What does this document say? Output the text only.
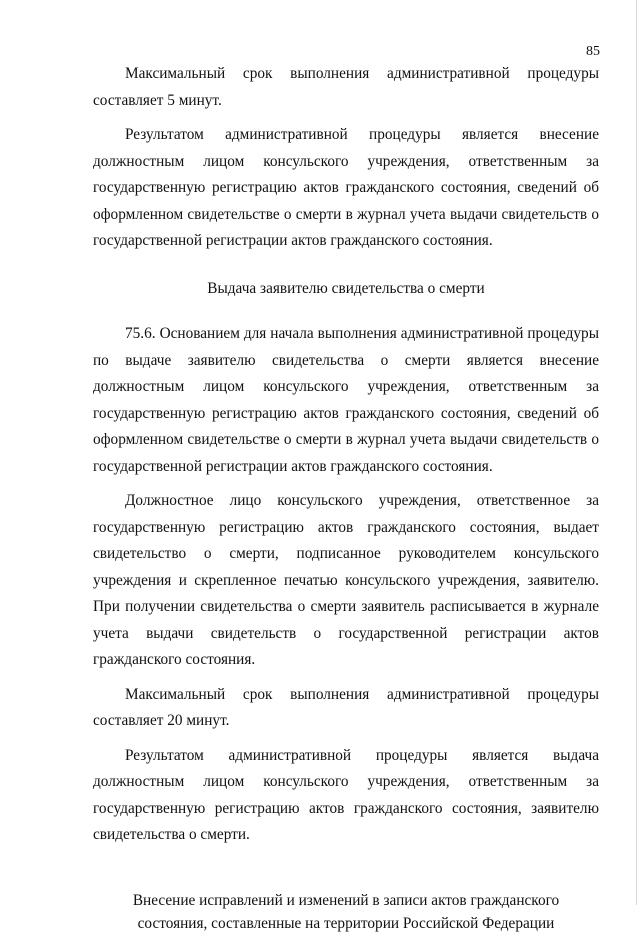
85

Максимальный срок выполнения административной процедуры составляет 5 минут.

Результатом административной процедуры является внесение должностным лицом консульского учреждения, ответственным за государственную регистрацию актов гражданского состояния, сведений об оформленном свидетельстве о смерти в журнал учета выдачи свидетельств о государственной регистрации актов гражданского состояния.

Выдача заявителю свидетельства о смерти

75.6. Основанием для начала выполнения административной процедуры по выдаче заявителю свидетельства о смерти является внесение должностным лицом консульского учреждения, ответственным за государственную регистрацию актов гражданского состояния, сведений об оформленном свидетельстве о смерти в журнал учета выдачи свидетельств о государственной регистрации актов гражданского состояния.

Должностное лицо консульского учреждения, ответственное за государственную регистрацию актов гражданского состояния, выдает свидетельство о смерти, подписанное руководителем консульского учреждения и скрепленное печатью консульского учреждения, заявителю. При получении свидетельства о смерти заявитель расписывается в журнале учета выдачи свидетельств о государственной регистрации актов гражданского состояния.

Максимальный срок выполнения административной процедуры составляет 20 минут.

Результатом административной процедуры является выдача должностным лицом консульского учреждения, ответственным за государственную регистрацию актов гражданского состояния, заявителю свидетельства о смерти.

Внесение исправлений и изменений в записи актов гражданского
состояния, составленные на территории Российской Федерации
